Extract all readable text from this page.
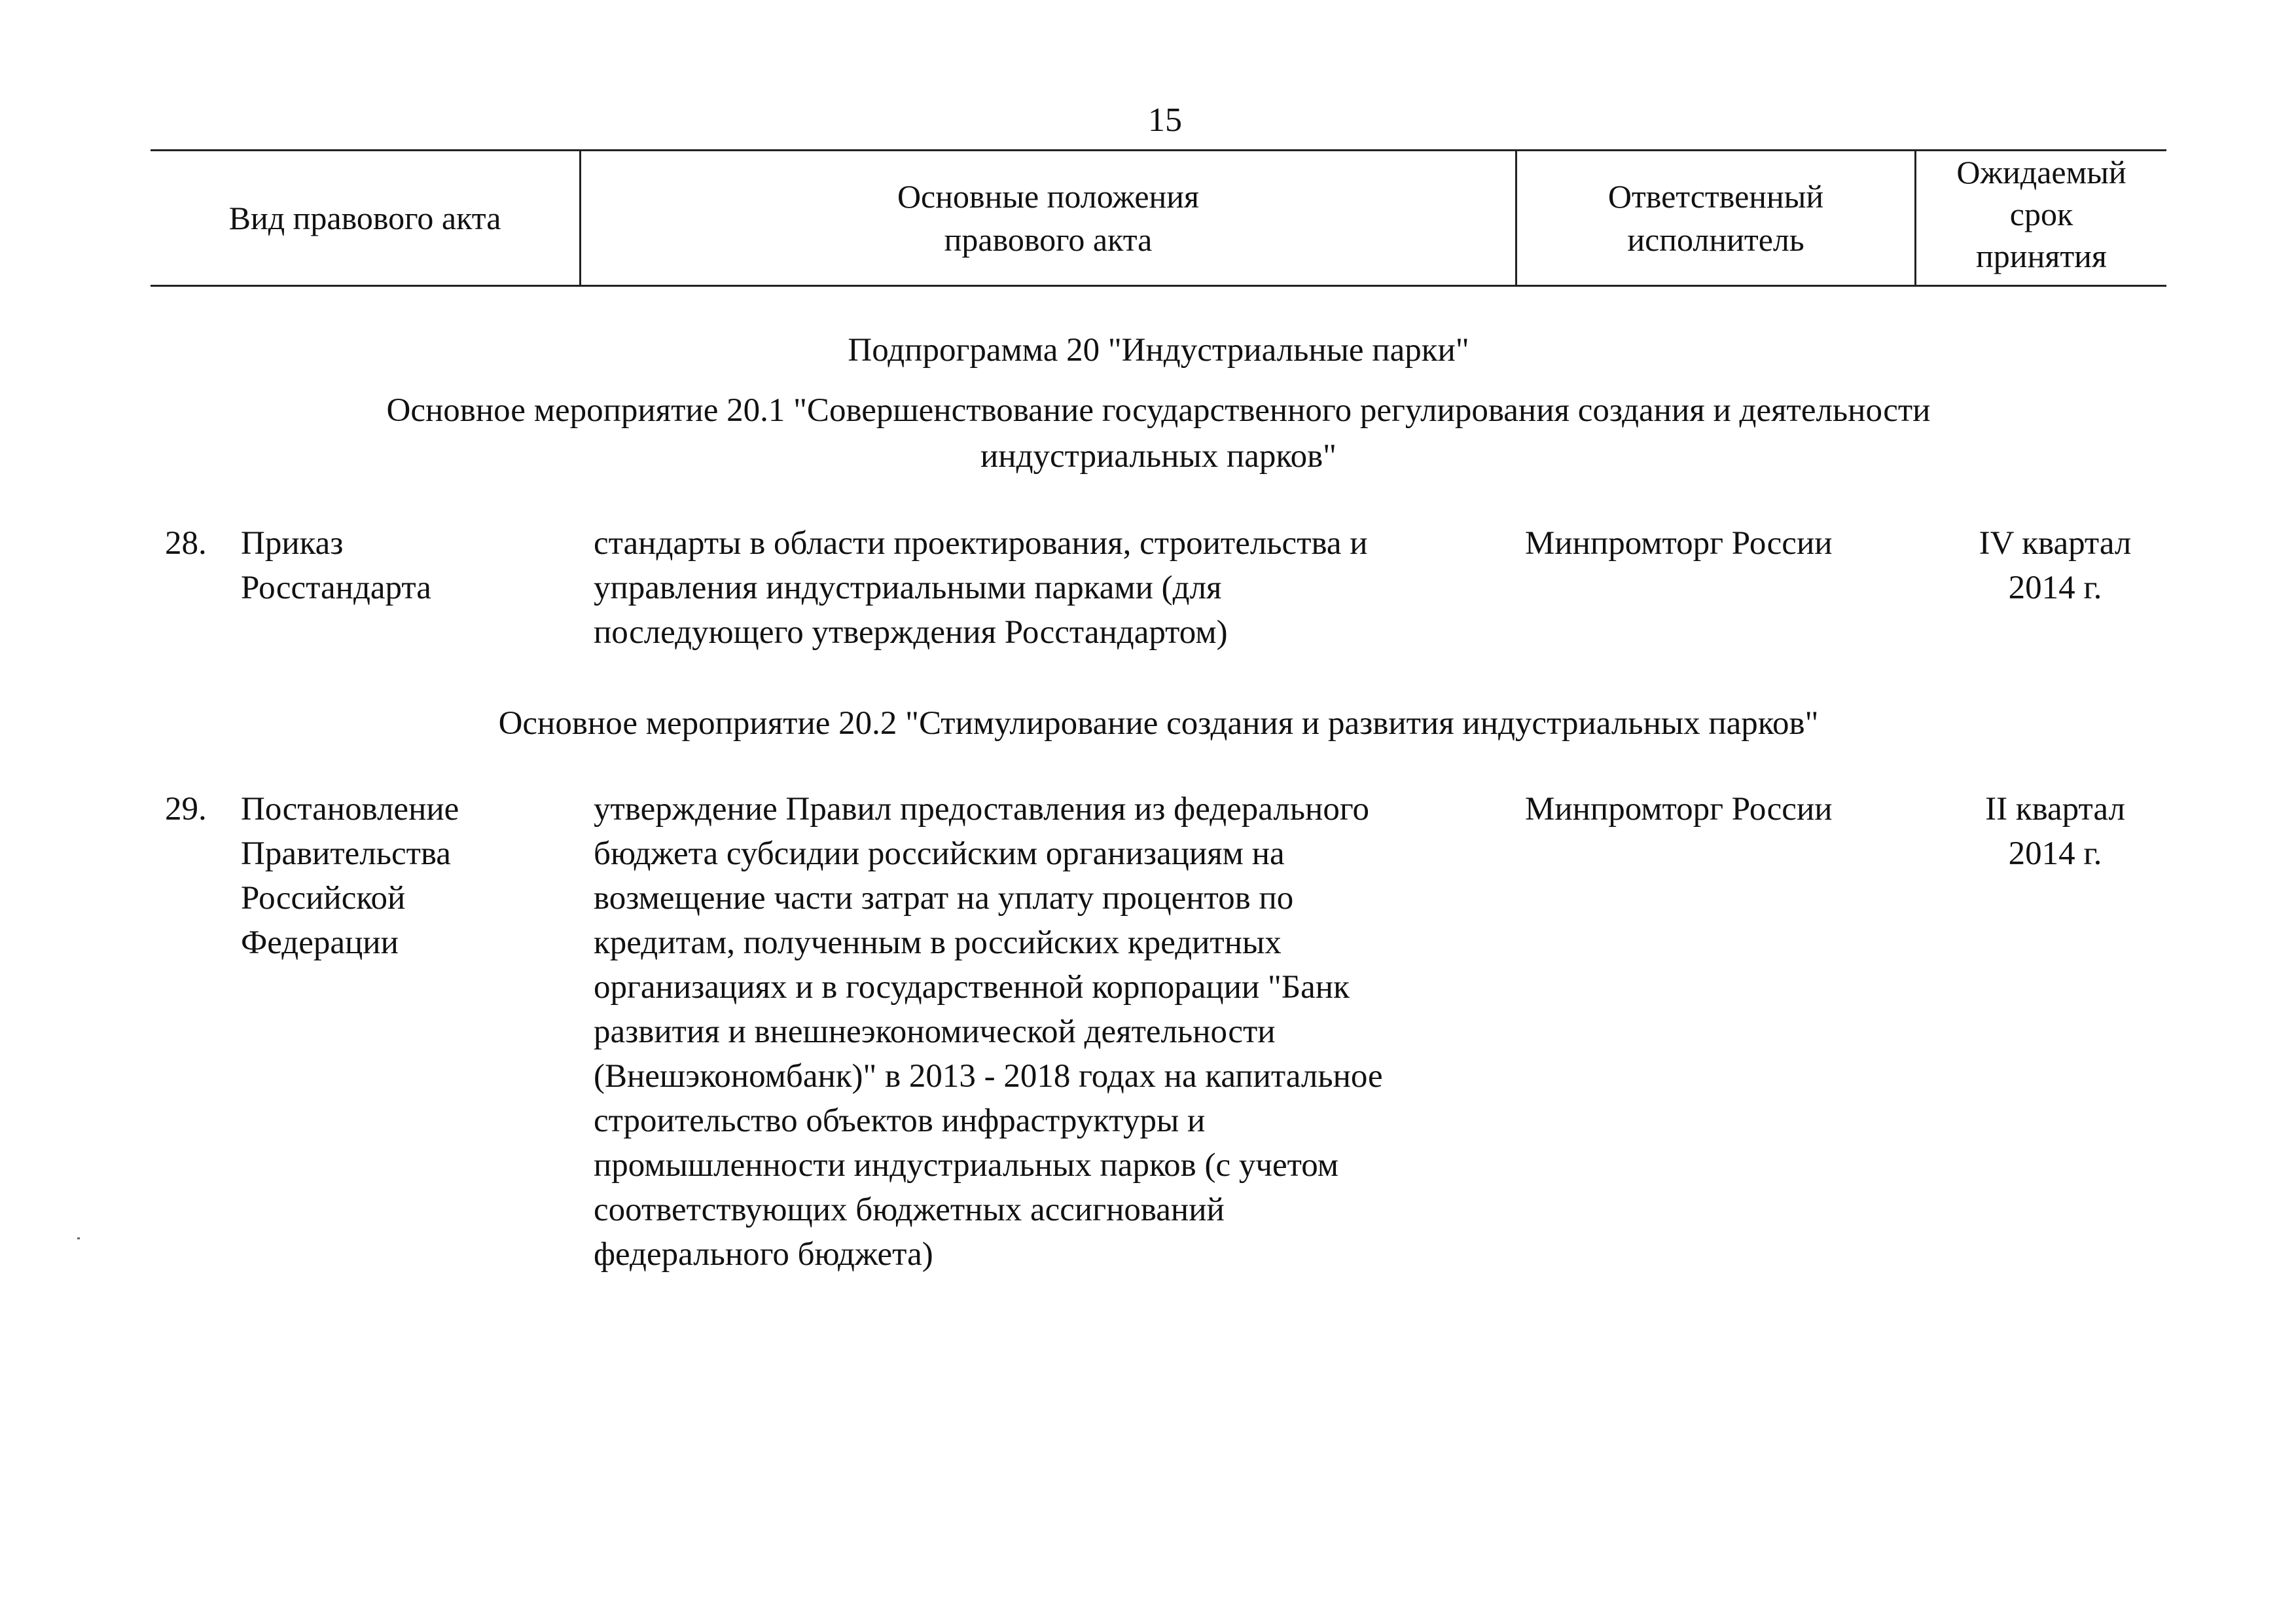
15
Вид правового акта
Основные положения
правового акта
Ответственный
исполнитель
Ожидаемый
срок
принятия
Подпрограмма 20 "Индустриальные парки"
Основное мероприятие 20.1 "Совершенствование государственного регулирования создания и деятельности
индустриальных парков"
28. Приказ
Росстандарта
стандарты в области проектирования, строительства и
управления индустриальными парками (для
последующего утверждения Росстандартом)
Минпромторг России	IV квартал
2014 г.
Основное мероприятие 20.2 "Стимулирование создания и развития индустриальных парков"
29. Постановление
Правительства
Российской
Федерации
утверждение Правил предоставления из федерального
бюджета субсидии российским организациям на
возмещение части затрат на уплату процентов по
кредитам, полученным в российских кредитных
организациях и в государственной корпорации "Банк
развития и внешнеэкономической деятельности
(Внешэкономбанк)" в 2013 - 2018 годах на капитальное
строительство объектов инфраструктуры и
промышленности индустриальных парков (с учетом
соответствующих бюджетных ассигнований
федерального бюджета)
Минпромторг России	II квартал
2014 г.
